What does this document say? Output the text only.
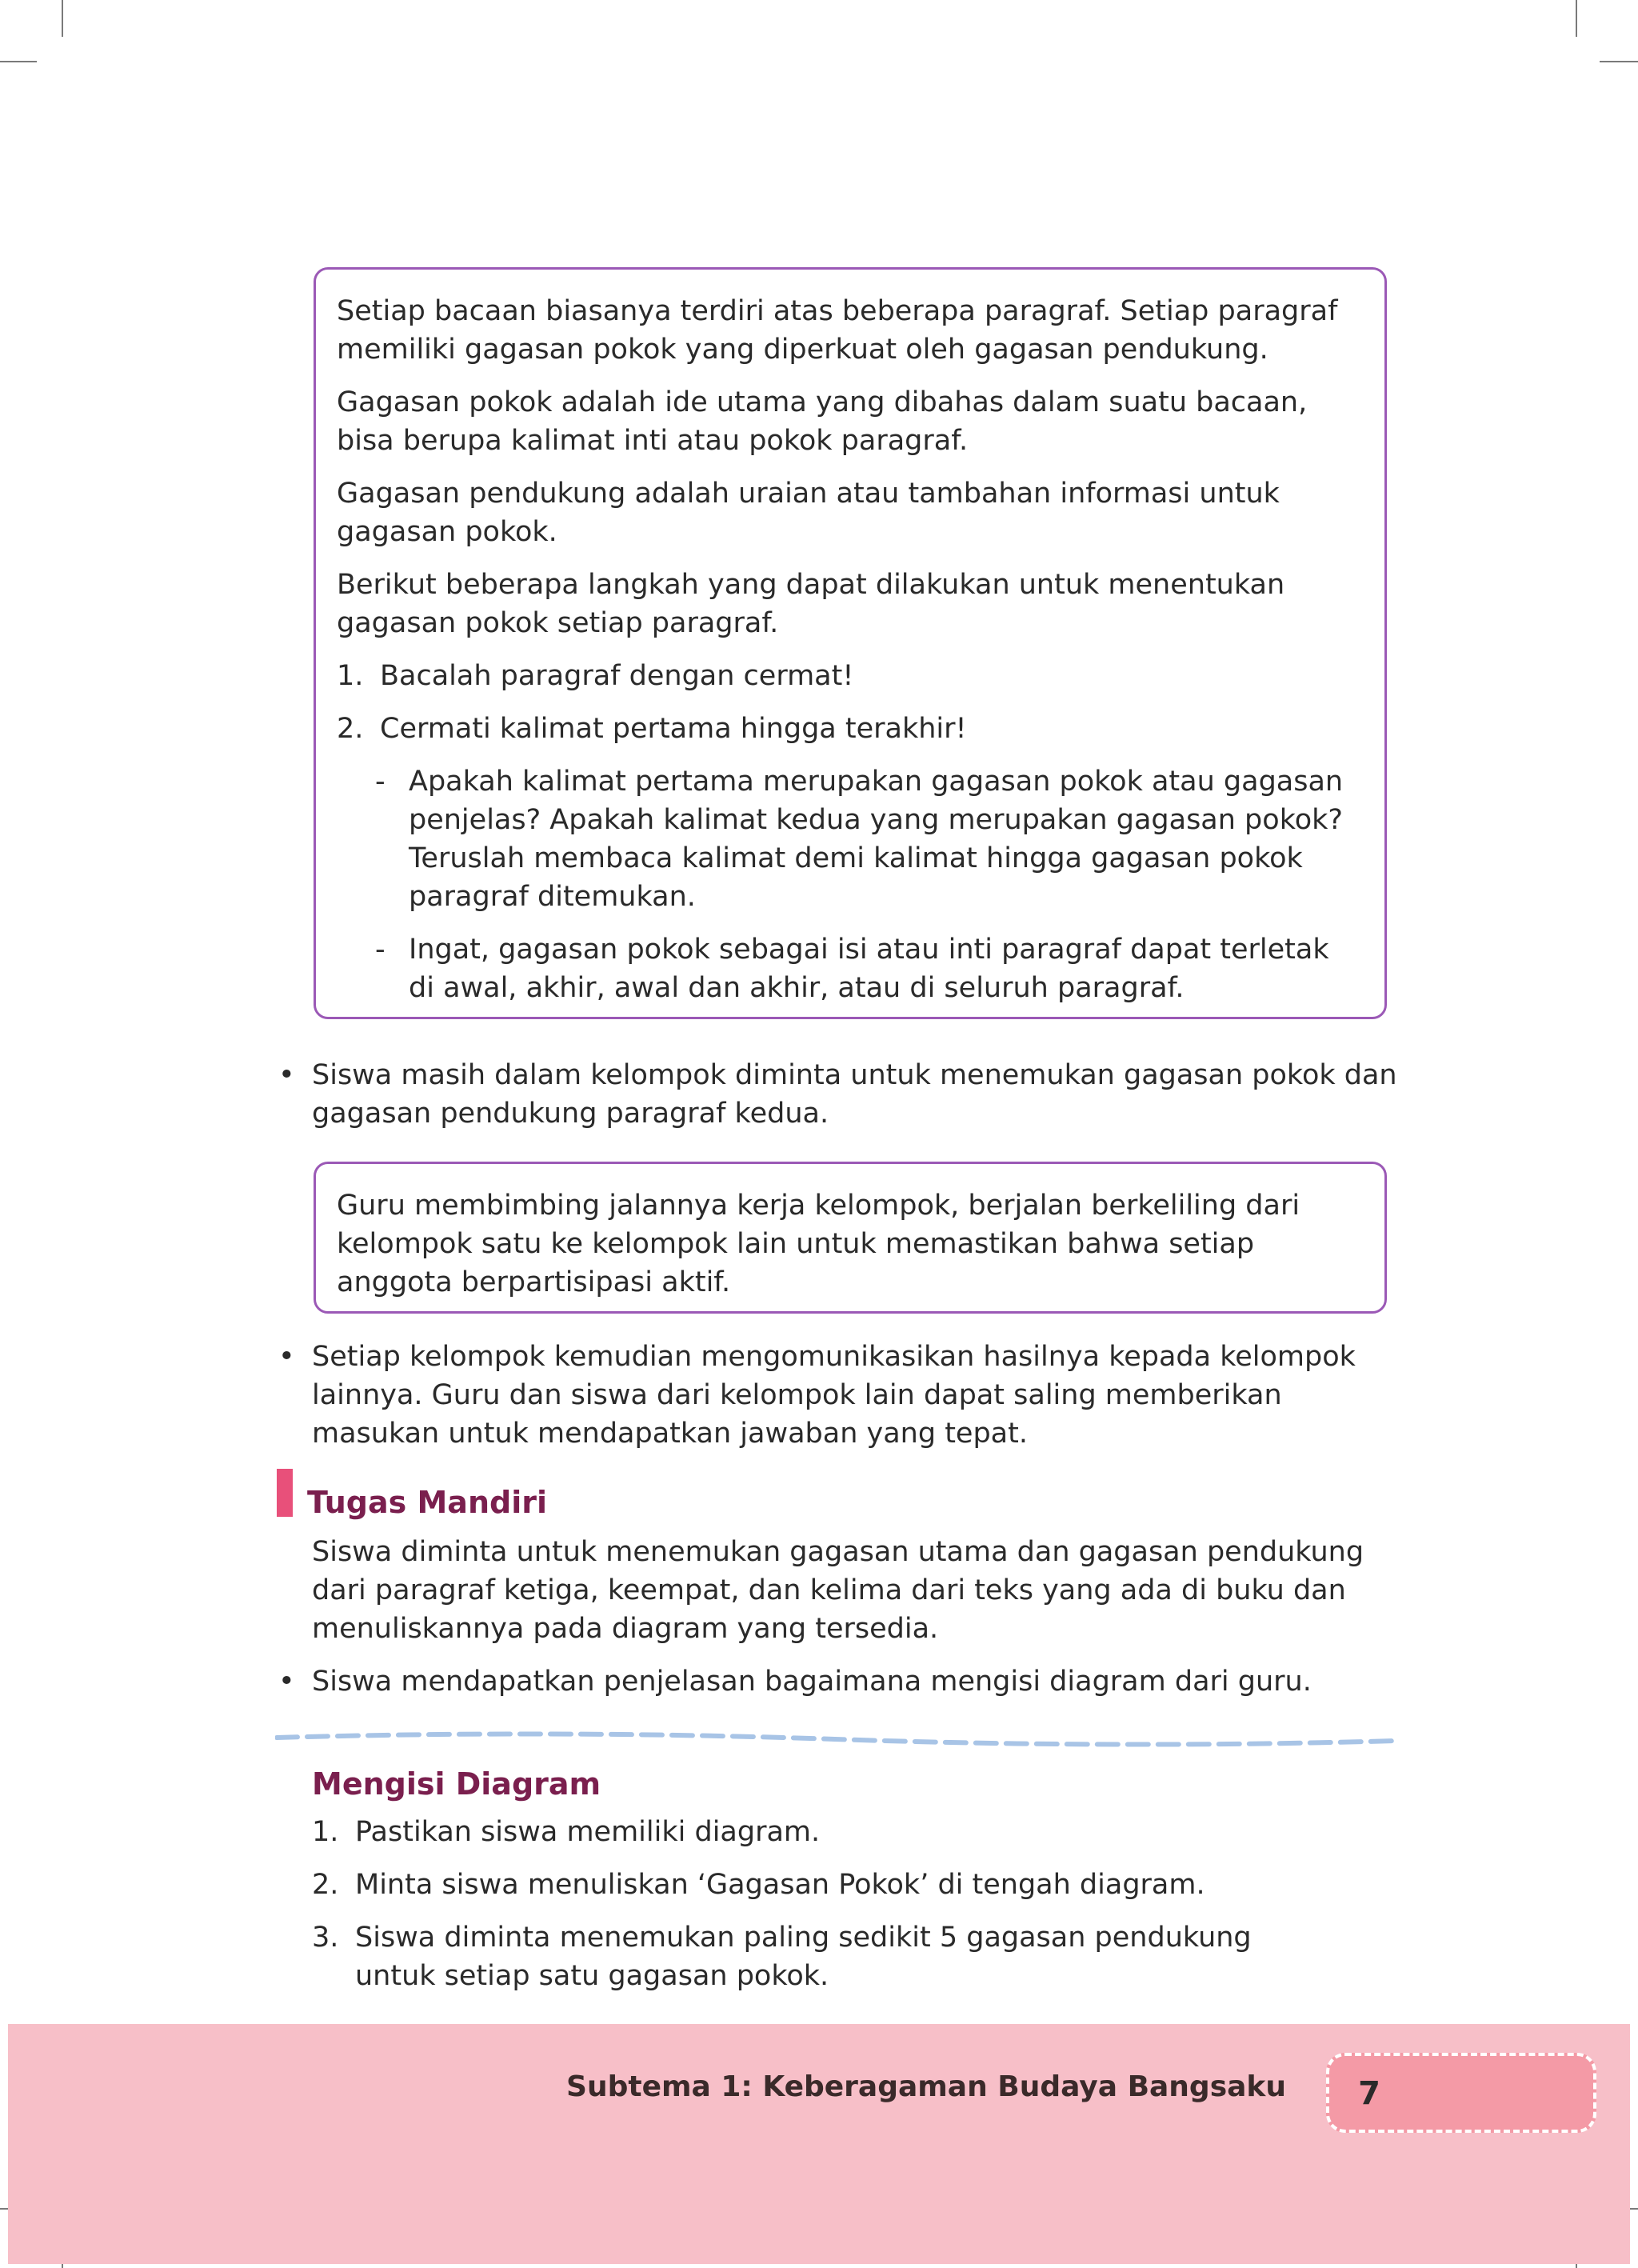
Setiap bacaan biasanya terdiri atas beberapa paragraf. Setiap paragraf memiliki gagasan pokok yang diperkuat oleh gagasan pendukung.

Gagasan pokok adalah ide utama yang dibahas dalam suatu bacaan, bisa berupa kalimat inti atau pokok paragraf.

Gagasan pendukung adalah uraian atau tambahan informasi untuk gagasan pokok.

Berikut beberapa langkah yang dapat dilakukan untuk menentukan gagasan pokok setiap paragraf.

1. Bacalah paragraf dengan cermat!
2. Cermati kalimat pertama hingga terakhir!
- Apakah kalimat pertama merupakan gagasan pokok atau gagasan penjelas? Apakah kalimat kedua yang merupakan gagasan pokok? Teruslah membaca kalimat demi kalimat hingga gagasan pokok paragraf ditemukan.
- Ingat, gagasan pokok sebagai isi atau inti paragraf dapat terletak di awal, akhir, awal dan akhir, atau di seluruh paragraf.
• Siswa masih dalam kelompok diminta untuk menemukan gagasan pokok dan gagasan pendukung paragraf kedua.

Guru membimbing jalannya kerja kelompok, berjalan berkeliling dari kelompok satu ke kelompok lain untuk memastikan bahwa setiap anggota berpartisipasi aktif.

• Setiap kelompok kemudian mengomunikasikan hasilnya kepada kelompok lainnya. Guru dan siswa dari kelompok lain dapat saling memberikan masukan untuk mendapatkan jawaban yang tepat.
Tugas Mandiri
Siswa diminta untuk menemukan gagasan utama dan gagasan pendukung dari paragraf ketiga, keempat, dan kelima dari teks yang ada di buku dan menuliskannya pada diagram yang tersedia.
• Siswa mendapatkan penjelasan bagaimana mengisi diagram dari guru.
Mengisi Diagram
1. Pastikan siswa memiliki diagram.
2. Minta siswa menuliskan ‘Gagasan Pokok’ di tengah diagram.
3. Siswa diminta menemukan paling sedikit 5 gagasan pendukung untuk setiap satu gagasan pokok.
Subtema 1: Keberagaman Budaya Bangsaku	7
